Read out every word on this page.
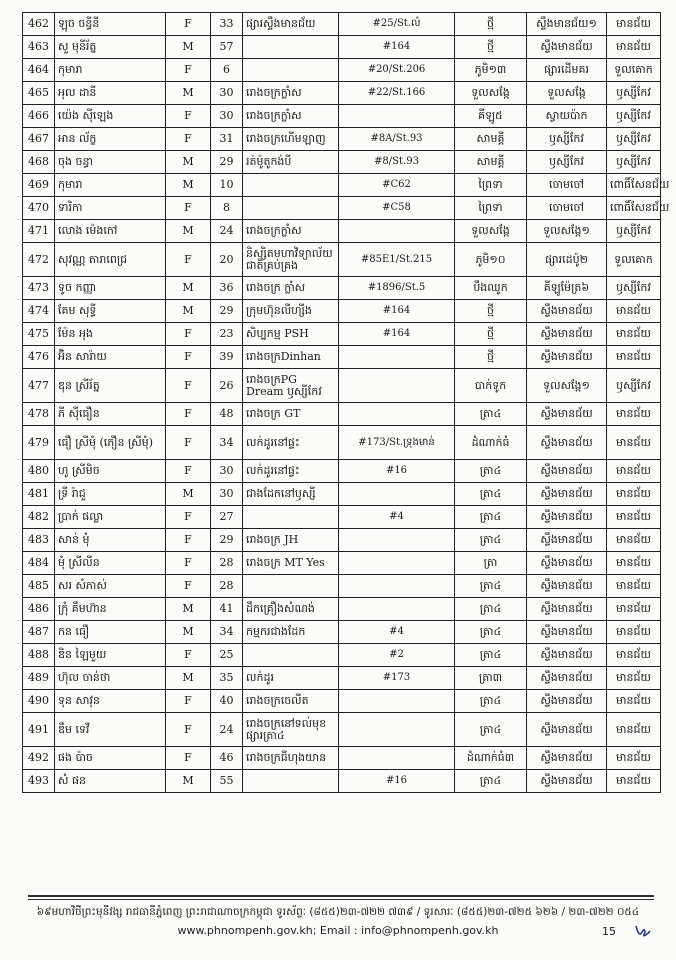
462	ឡុច ចន្ធីនី	F	33	ផ្សារស្ទឹងមានជ័យ	#25/St.លំ	ថ្មី	ស្ទឹងមានជ័យ១	មានជ័យ
463	សួ មុនីរ័ត្ន	M	57		#164	ថ្មី	ស្ទឹងមានជ័យ	មានជ័យ
464	កុមារា	F	6		#20/St.206	ភូមិ១៣	ផ្សារដើមគរ	ទួលគោក
465	អុល ដានី	M	30	រោងចក្រក្លាំស	#22/St.166	ទួលសង្កែ	ទួលសង្កែ	ឫស្សីកែវ
466	យ៉េង ស៊ីឡេង	F	30	រោងចក្រក្លាំស		គីឡូ៥	ស្វាយប៉ាក	ឫស្សីកែវ
467	អាន ល័ក្ខ	F	31	រោងចក្រហើមឡាញ	#8A/St.93	សាមគ្គី	ឫស្សីកែវ	ឫស្សីកែវ
468	ចុង ចន្ធា	M	29	រត់ម៉ូតូកង់បី	#8/St.93	សាមគ្គី	ឫស្សីកែវ	ឫស្សីកែវ
469	កុមារា	M	10		#C62	ព្រៃទា	ចោមចៅ	ពោធិ៍សែនជ័យ
470	ទារិកា	F	8		#C58	ព្រៃទា	ចោមចៅ	ពោធិ៍សែនជ័យ
471	លោង ម៉េងកៅ	M	24	រោងចក្រក្លាំស		ទួលសង្កែ	ទួលសង្កែ១	ឫស្សីកែវ
472	សុវណ្ណ តារាពេជ្រ	F	20	និស្សិតមហាវិទ្យាល័យជាតិគ្រប់គ្រង	#85E1/St.215	ភូមិ១០	ផ្សារដេប៉ូ២	ទួលគោក
473	ទូច កញ្ញា	M	36	រោងចក្រ ក្លាំស	#1896/St.5	បឹងឈូក	គីឡូម៉ែត្រ៦	ឫស្សីកែវ
474	គែម សុទ្ធី	M	29	ក្រុមហ៊ុនលីហ្សីង	#164	ថ្មី	ស្ទឹងមានជ័យ	មានជ័យ
475	ម៉ែន អុង	F	23	សិប្បកម្ម PSH	#164	ថ្មី	ស្ទឹងមានជ័យ	មានជ័យ
476	អ៊ិន សារ៉ាយ	F	39	រោងចក្រDinhan		ថ្មី	ស្ទឹងមានជ័យ	មានជ័យ
477	ឌុន ស្រីរ័ត្ន	F	26	រោងចក្រPG Dream ឫស្សីកែវ		បាក់ទូក	ទួលសង្កែ១	ឫស្សីកែវ
478	ភី ស៊ីធឿន	F	48	រោងចក្រ GT		ត្រា៤	ស្ទឹងមានជ័យ	មានជ័យ
479	ធឿ ស្រីមុំ (ភឿន ស្រីមុំ)	F	34	លក់ដូរនៅផ្ទះ	#173/St.ទ្រុងមាន់	ដំណាក់ធំ	ស្ទឹងមានជ័យ	មានជ័យ
480	ហូ ស្រីមិច	F	30	លក់ដូរនៅផ្ទះ	#16	ត្រា៤	ស្ទឹងមានជ័យ	មានជ័យ
481	ទ្រី រ៉ាជួ	M	30	ជាងដែកនៅឫស្សី		ត្រា៤	ស្ទឹងមានជ័យ	មានជ័យ
482	ប្រាក់ ផល្លា	F	27		#4	ត្រា៤	ស្ទឹងមានជ័យ	មានជ័យ
483	សាន់ មុំ	F	29	រោងចក្រ JH		ត្រា៤	ស្ទឹងមានជ័យ	មានជ័យ
484	មុំ ស្រីលីន	F	28	រោងចក្រ MT Yes		ត្រា	ស្ទឹងមានជ័យ	មានជ័យ
485	សរ សំភាស់	F	28			ត្រា៤	ស្ទឹងមានជ័យ	មានជ័យ
486	ក្រុំ គឹមហ៊ាន	M	41	ដឹកគ្រឿងសំណង់		ត្រា៤	ស្ទឹងមានជ័យ	មានជ័យ
487	កន ធឿ	M	34	កម្មករជាងដែក	#4	ត្រា៤	ស្ទឹងមានជ័យ	មានជ័យ
488	ឌិន ឡៃមួយ	F	25		#2	ត្រា៤	ស្ទឹងមានជ័យ	មានជ័យ
489	ហ៊ុល ចាន់ថា	M	35	លក់ដូរ	#173	ត្រា៣	ស្ទឹងមានជ័យ	មានជ័យ
490	ទុន សាវុន	F	40	រោងចក្រចេលីត		ត្រា៤	ស្ទឹងមានជ័យ	មានជ័យ
491	ឌឹម ទេវី	F	24	រោងចក្រនៅទល់មុខផ្សារត្រា៤		ត្រា៤	ស្ទឹងមានជ័យ	មានជ័យ
492	ផង ប៉ាច	F	46	រោងចក្រធីហុងយាន		ដំណាក់ធំ៣	ស្ទឹងមានជ័យ	មានជ័យ
493	សំ ផន	M	55		#16	ត្រា៤	ស្ទឹងមានជ័យ	មានជ័យ
៦៩មហាវិថីព្រះមុនីវង្ស រាជធានីភ្នំពេញ ព្រះរាជាណាចក្រកម្ពុជា ទូរស័ព្ទៈ (៨៥៥)២៣-៧២២ ៧៣៩ / ទូរសារៈ (៨៥៥)២៣-៧២៥ ៦២៦ / ២៣-៧២២ ០៥៤
www.phnompenh.gov.kh; Email : info@phnompenh.gov.kh	15
